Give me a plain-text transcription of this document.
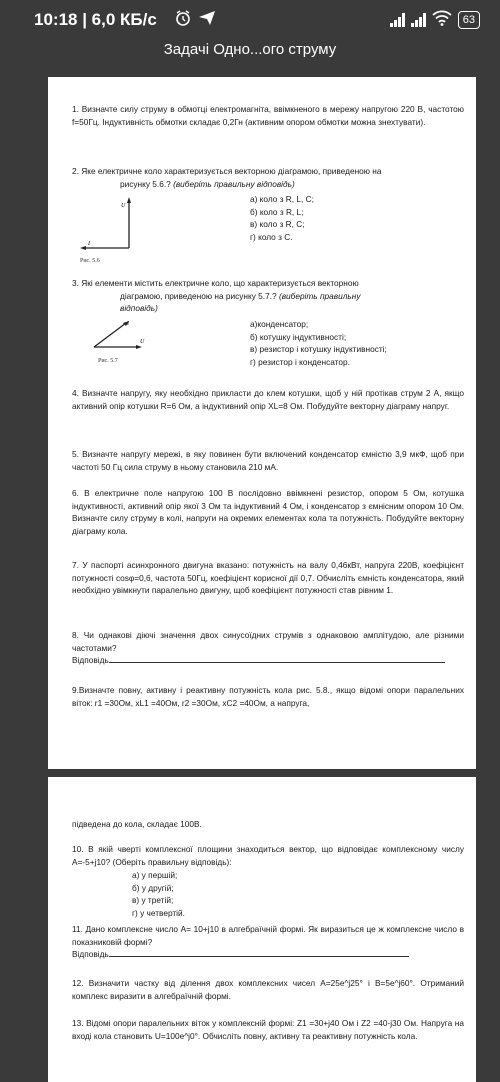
10:18 | 6,0 КБ/с	63
Задачі Одно...ого струму
1. Визначте силу струму в обмотці електромагніта, ввімкненого в мережу напругою 220 В, частотою f=50Гц. Індуктивність обмотки складає 0,2Гн (активним опором обмотки можна знехтувати).
2. Яке електричне коло характеризується векторною діаграмою, приведеною на
рисунку 5.6.? (виберіть правильну відповідь)
U
I
Рис. 5.6
а) коло з R, L, C;
б) коло з R, L;
в) коло з R, C;
г) коло з C.
3. Які елементи містить електричне коло, що характеризується векторною
діаграмою, приведеною на рисунку 5.7.? (виберіть правильну
відповідь)
I
U
Рис. 5.7
а)конденсатор;
б) котушку індуктивності;
в) резистор і котушку індуктивності;
г) резистор і конденсатор.
4. Визначте напругу, яку необхідно прикласти до клем котушки, щоб у ній протікав струм 2 А, якщо активний опір котушки R=6 Ом, а індуктивний опір XL=8 Ом. Побудуйте векторну діаграму напруг.
5. Визначте напругу мережі, в яку повинен бути включений конденсатор ємністю 3,9 мкФ, щоб при частоті 50 Гц сила струму в ньому становила 210 мА.
6. В електричне поле напругою 100 В послідовно ввімкнені резистор, опором 5 Ом, котушка індуктивності, активний опір якої 3 Ом та індуктивний 4 Ом, і конденсатор з ємнісним опором 10 Ом. Визначте силу струму в колі, напруги на окремих елементах кола та потужність. Побудуйте векторну діаграму кола.
7. У паспорті асинхронного двигуна вказано: потужність на валу 0,46кВт, напруга 220В, коефіцієнт потужності cosφ=0,6, частота 50Гц, коефіцієнт корисної дії 0,7. Обчисліть ємність конденсатора, який необхідно увімкнути паралельно двигуну, щоб коефіцієнт потужності став рівним 1.
8. Чи однакові діючі значення двох синусоїдних струмів з однаковою амплітудою, але різними частотами?
Відповідь
9.Визначте повну, активну і реактивну потужність кола рис. 5.8., якщо відомі опори паралельних віток: r1 =30Ом, xL1 =40Ом, r2 =30Ом, xC2 =40Ом, а напруга,
підведена до кола, складає 100В.
10. В якій чверті комплексної площини знаходиться вектор, що відповідає комплексному числу A=-5+j10? (Оберіть правильну відповідь):
а) у першій;
б) у другій;
в) у третій;
г) у четвертій.
11. Дано комплексне число A= 10+j10 в алгебраїчній формі. Як виразиться це ж комплексне число в показниковій формі?
Відповідь
12. Визначити частку від ділення двох комплексних чисел A=25e^j25° і B=5e^j60°. Отриманий комплекс виразити в алгебраїчній формі.
13. Відомі опори паралельних віток у комплексній формі: Z1 =30+j40 Ом і Z2 =40-j30 Ом. Напруга на вході кола становить U=100e^j0°. Обчисліть повну, активну та реактивну потужність кола.
